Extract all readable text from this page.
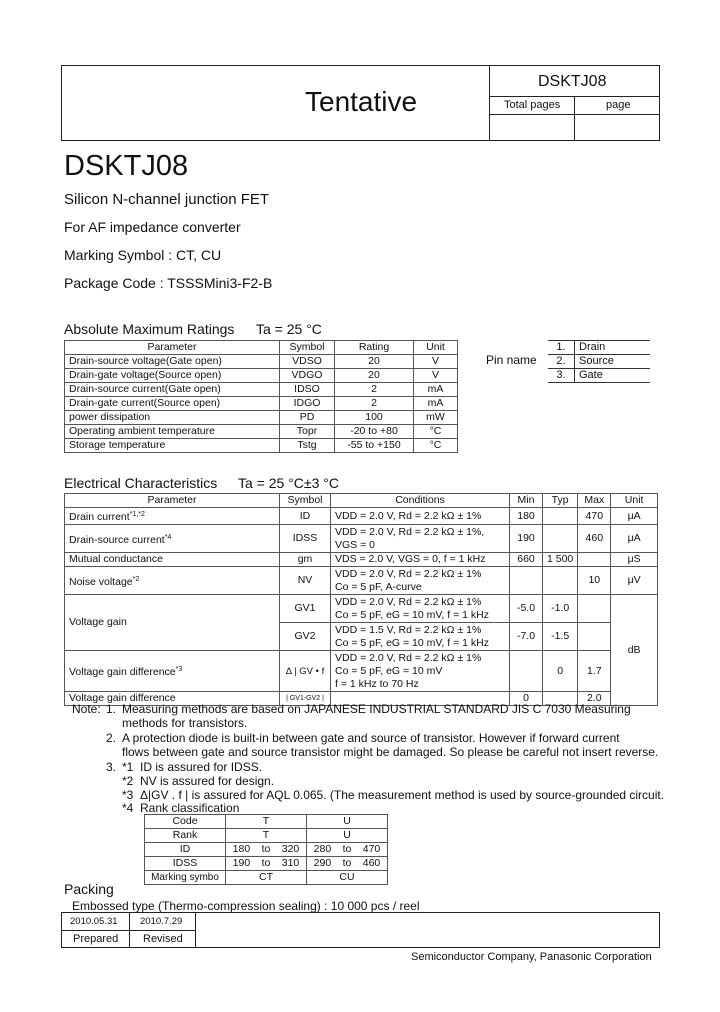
Tentative
DSKTJ08
Total pages	page
DSKTJ08
Silicon N-channel junction FET
For AF impedance converter
Marking Symbol : CT, CU
Package Code : TSSSMini3-F2-B
Absolute Maximum Ratings Ta = 25 °C
Parameter	Symbol	Rating	Unit
Drain-source voltage(Gate open)	VDSO	20	V
Drain-gate voltage(Source open)	VDGO	20	V
Drain-source current(Gate open)	IDSO	2	mA
Drain-gate current(Source open)	IDGO	2	mA
power dissipation	PD	100	mW
Operating ambient temperature	Topr	-20 to +80	°C
Storage temperature	Tstg	-55 to +150	°C
Pin name
1.	Drain
2.	Source
3.	Gate
Electrical Characteristics Ta = 25 °C±3 °C
Parameter	Symbol	Conditions	Min	Typ	Max	Unit
Drain current$^{*1,*2}$	ID	VDD = 2.0 V, Rd = 2.2 kΩ ± 1%	180		470	μA
Drain-source current$^{*4}$	IDSS	VDD = 2.0 V, Rd = 2.2 kΩ ± 1%,
VGS = 0	190		460	μA
Mutual conductance	gm	VDS = 2.0 V, VGS = 0, f = 1 kHz	660	1 500		μS
Noise voltage$^{*2}$	NV	VDD = 2.0 V, Rd = 2.2 kΩ ± 1%
Co = 5 pF, A-curve			10	μV
Voltage gain	GV1	VDD = 2.0 V, Rd = 2.2 kΩ ± 1%
Co = 5 pF, eG = 10 mV, f = 1 kHz	-5.0	-1.0		dB
	GV2	VDD = 1.5 V, Rd = 2.2 kΩ ± 1%
Co = 5 pF, eG = 10 mV, f = 1 kHz	-7.0	-1.5		
Voltage gain difference$^{*3}$	Δ | GV • f	VDD = 2.0 V, Rd = 2.2 kΩ ± 1%
Co = 5 pF, eG = 10 mV
f = 1 kHz to 70 Hz		0	1.7	
Voltage gain difference	| GV1-GV2 |		0		2.0	
Note: 1. Measuring methods are based on JAPANESE INDUSTRIAL STANDARD JIS C 7030 Measuring
methods for transistors.
2. A protection diode is built-in between gate and source of transistor. However if forward current
flows between gate and source transistor might be damaged. So please be careful not insert reverse.
3. *1 ID is assured for IDSS.
*2 NV is assured for design.
*3 Δ|GV . f | is assured for AQL 0.065. (The measurement method is used by source-grounded circuit.
*4 Rank classification
Code	T			U		
Rank	T			U		
ID	180	to	320	280	to	470
IDSS	190	to	310	290	to	460
Marking symbo	CT			CU		
Packing
Embossed type (Thermo-compression sealing) : 10 000 pcs / reel
2010.05.31 2010.7.29
Prepared Revised
Semiconductor Company, Panasonic Corporation
